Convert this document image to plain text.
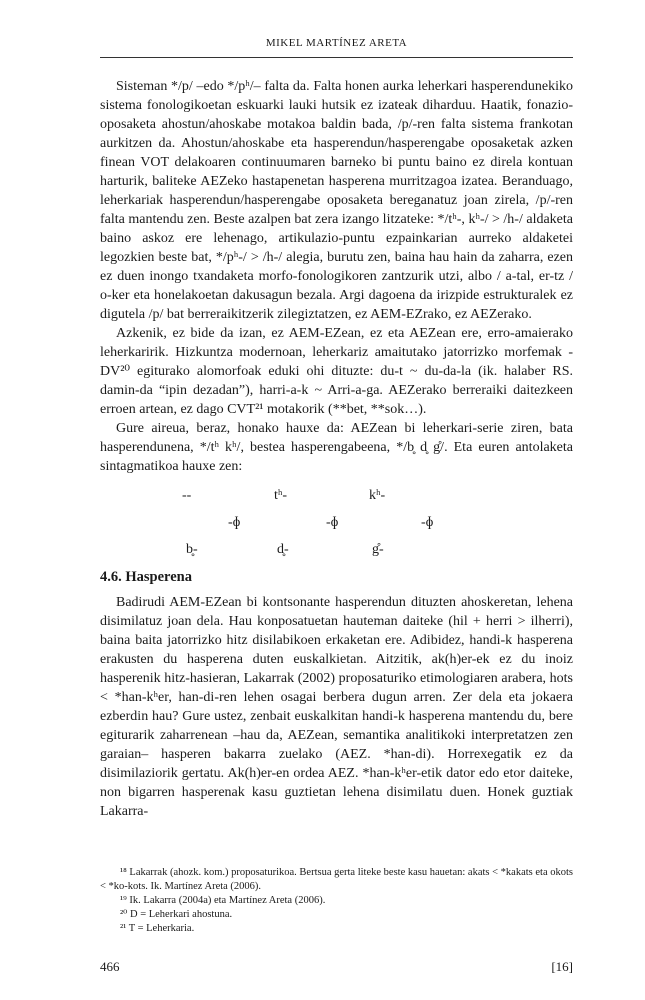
MIKEL MARTÍNEZ ARETA

Sisteman */p/ –edo */pʰ/– falta da. Falta honen aurka leherkari hasperendunekiko sistema fonologikoetan eskuarki lauki hutsik ez izateak diharduu. Haatik, fonazio-oposaketa ahostun/ahoskabe motakoa baldin bada, /p/-ren falta sistema frankotan aurkitzen da. Ahostun/ahoskabe eta hasperendun/hasperengabe oposaketak azken finean VOT delakoaren continuumaren barneko bi puntu baino ez direla kontuan harturik, baliteke AEZeko hastapenetan hasperena murritzagoa izatea. Beranduago, leherkariak hasperendun/hasperengabe oposaketa bereganatuz joan zirela, /p/-ren falta mantendu zen. Beste azalpen bat zera izango litzateke: */tʰ-, kʰ-/ > /h-/ aldaketa baino askoz ere lehenago, artikulazio-puntu ezpainkarian aurreko aldaketei legozkien beste bat, */pʰ-/ > /h-/ alegia, burutu zen, baina hau hain da zaharra, ezen ez duen inongo txandaketa morfo-fonologikoren zantzurik utzi, albo / a-tal, er-tz / o-ker eta honelakoetan dakusagun bezala. Argi dagoena da irizpide estrukturalek ez digutela /p/ bat berreraikitzerik zilegiztatzen, ez AEM-EZrako, ez AEZerako.

Azkenik, ez bide da izan, ez AEM-EZean, ez eta AEZean ere, erro-amaierako leherkaririk. Hizkuntza modernoan, leherkariz amaitutako jatorrizko morfemak -DV²⁰ egiturako alomorfoak eduki ohi dituzte: du-t ~ du-da-la (ik. halaber RS. damin-da “ipin dezadan”), harri-a-k ~ Arri-a-ga. AEZerako berreraiki daitezkeen erroen artean, ez dago CVT²¹ motakorik (**bet, **sok…).

Gure aireua, beraz, honako hauxe da: AEZean bi leherkari-serie ziren, bata hasperendunena, */tʰ kʰ/, bestea hasperengabeena, */b̥ d̥ g̊/. Eta euren antolaketa sintagmatikoa hauxe zen:

--	tʰ-	kʰ-
-ɸ	-ɸ	-ɸ
b̥-	d̥-	g̊-
4.6. Hasperena

Badirudi AEM-EZean bi kontsonante hasperendun dituzten ahoskeretan, lehena disimilatuz joan dela. Hau konposatuetan hauteman daiteke (hil + herri > ilherri), baina baita jatorrizko hitz disilabikoen erkaketan ere. Adibidez, handi-k hasperena erakusten du hasperena duten euskalkietan. Aitzitik, ak(h)er-ek ez du inoiz hasperenik hitz-hasieran, Lakarrak (2002) proposaturiko etimologiaren arabera, hots < *han-kʰer, han-di-ren lehen osagai berbera dugun arren. Zer dela eta jokaera ezberdin hau? Gure ustez, zenbait euskalkitan handi-k hasperena mantendu du, bere egiturarik zaharrenean –hau da, AEZean, semantika analitikoki interpretatzen zen garaian– hasperen bakarra zuelako (AEZ. *han-di). Horrexegatik ez da disimilaziorik gertatu. Ak(h)er-en ordea AEZ. *han-kʰer-etik dator edo etor daiteke, non bigarren hasperenak kasu guztietan lehena disimilatu duen. Honek guztiak Lakarra-

¹⁸ Lakarrak (ahozk. kom.) proposaturikoa. Bertsua gerta liteke beste kasu hauetan: akats < *kakats eta okots < *ko-kots. Ik. Martínez Areta (2006).

¹⁹ Ik. Lakarra (2004a) eta Martínez Areta (2006).

²⁰ D = Leherkari ahostuna.

²¹ T = Leherkaria.

466	[16]
